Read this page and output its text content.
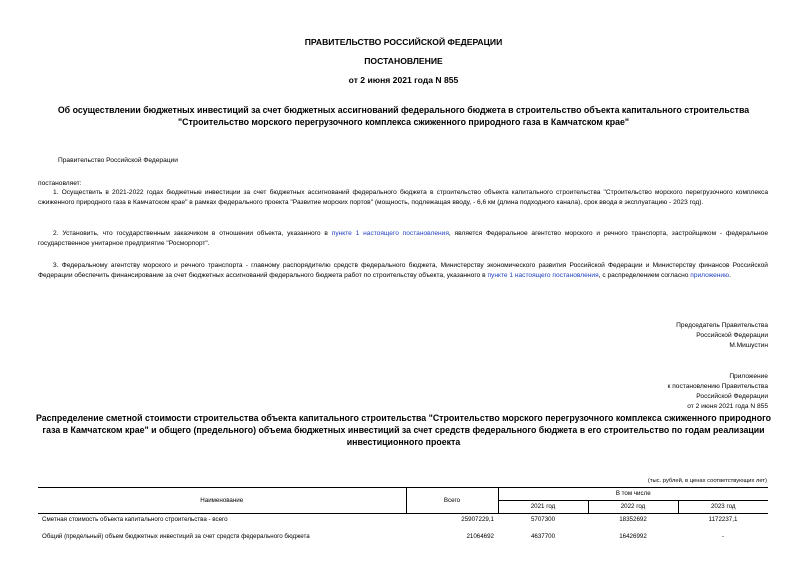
ПРАВИТЕЛЬСТВО РОССИЙСКОЙ ФЕДЕРАЦИИ
ПОСТАНОВЛЕНИЕ
от 2 июня 2021 года N 855
Об осуществлении бюджетных инвестиций за счет бюджетных ассигнований федерального бюджета в строительство объекта капитального строительства
"Строительство морского перегрузочного комплекса сжиженного природного газа в Камчатском крае"
Правительство Российской Федерации
постановляет:
1. Осуществить в 2021-2022 годах бюджетные инвестиции за счет бюджетных ассигнований федерального бюджета в строительство объекта капитального строительства "Строительство морского перегрузочного комплекса сжиженного природного газа в Камчатском крае" в рамках федерального проекта "Развитие морских портов" (мощность, подлежащая вводу, - 6,6 км (длина подходного канала), срок ввода в эксплуатацию - 2023 год).
2. Установить, что государственным заказчиком в отношении объекта, указанного в пункте 1 настоящего постановления, является Федеральное агентство морского и речного транспорта, застройщиком - федеральное государственное унитарное предприятие "Росморпорт".
3. Федеральному агентству морского и речного транспорта - главному распорядителю средств федерального бюджета, Министерству экономического развития Российской Федерации и Министерству финансов Российской Федерации обеспечить финансирование за счет бюджетных ассигнований федерального бюджета работ по строительству объекта, указанного в пункте 1 настоящего постановления, с распределением согласно приложению.
Председатель Правительства
Российской Федерации
М.Мишустин
Приложение
к постановлению Правительства
Российской Федерации
от 2 июня 2021 года N 855
Распределение сметной стоимости строительства объекта капитального строительства "Строительство морского перегрузочного комплекса сжиженного природного газа в Камчатском крае" и общего (предельного) объема бюджетных инвестиций за счет средств федерального бюджета в его строительство по годам реализации инвестиционного проекта
(тыс. рублей, в ценах соответствующих лет)
Наименование	Всего	В том числе		
		2021 год	2022 год	2023 год
Сметная стоимость объекта капитального строительства - всего	25907229,1	5707300	18352692	1172237,1
Общий (предельный) объем бюджетных инвестиций за счет средств федерального бюджета	21064692	4637700	16426992	-
